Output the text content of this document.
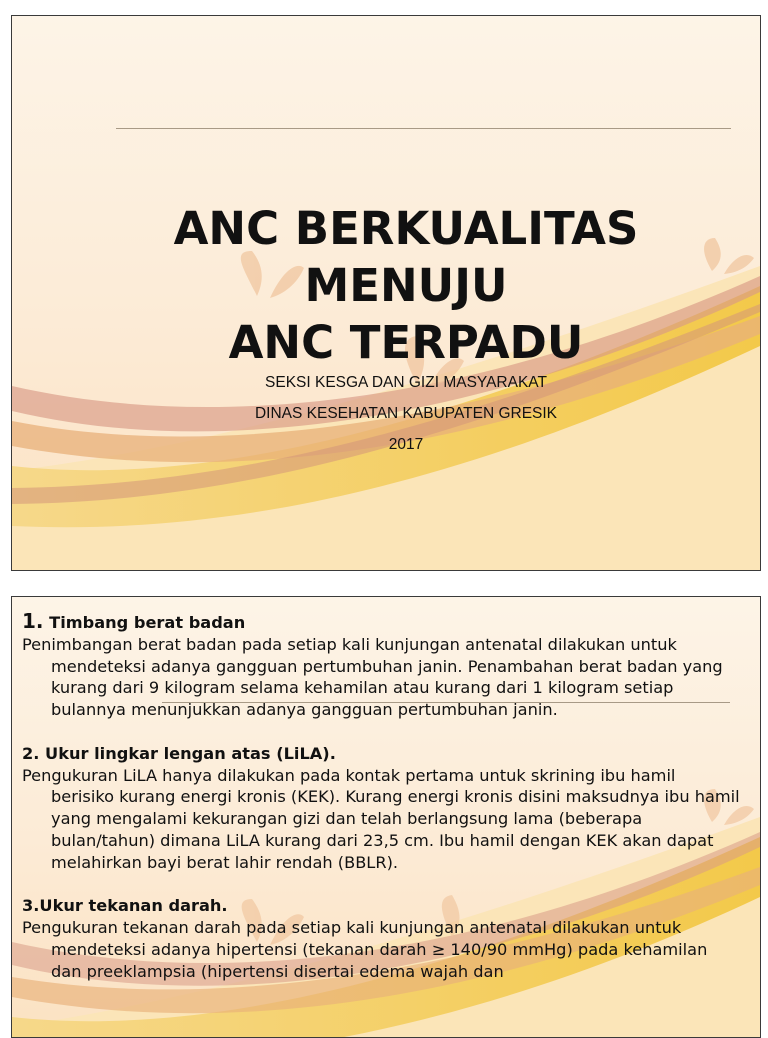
ANC BERKUALITAS
MENUJU
ANC TERPADU
SEKSI KESGA DAN GIZI MASYARAKAT
DINAS KESEHATAN KABUPATEN GRESIK
2017
1. Timbang berat badan
Penimbangan berat badan pada setiap kali kunjungan antenatal dilakukan untuk mendeteksi adanya gangguan pertumbuhan janin. Penambahan berat badan yang kurang dari 9 kilogram selama kehamilan atau kurang dari 1 kilogram setiap bulannya menunjukkan adanya gangguan pertumbuhan janin.
2. Ukur lingkar lengan atas (LiLA).
Pengukuran LiLA hanya dilakukan pada kontak pertama untuk skrining ibu hamil berisiko kurang energi kronis (KEK). Kurang energi kronis disini maksudnya ibu hamil yang mengalami kekurangan gizi dan telah berlangsung lama (beberapa bulan/tahun) dimana LiLA kurang dari 23,5 cm. Ibu hamil dengan KEK akan dapat melahirkan bayi berat lahir rendah (BBLR).
3.Ukur tekanan darah.
Pengukuran tekanan darah pada setiap kali kunjungan antenatal dilakukan untuk mendeteksi adanya hipertensi (tekanan darah ≥ 140/90 mmHg) pada kehamilan dan preeklampsia (hipertensi disertai edema wajah dan
